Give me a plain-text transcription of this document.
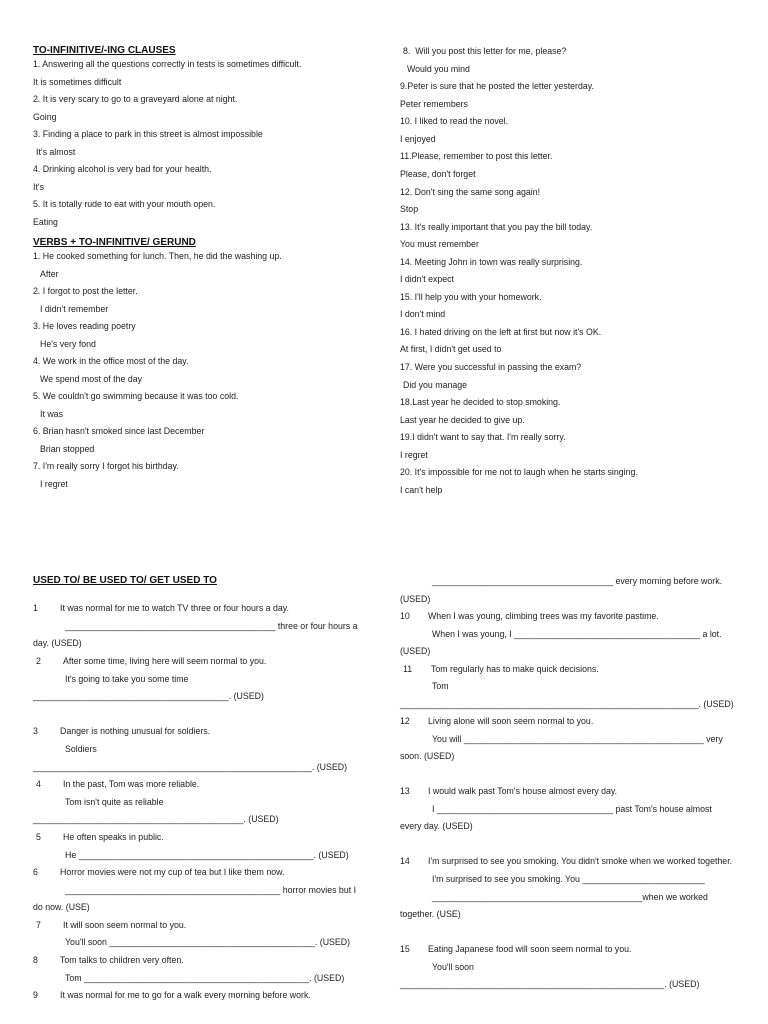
TO-INFINITIVE/-ING CLAUSES
1. Answering all the questions correctly in tests is sometimes difficult.
It is sometimes difficult
2. It is very scary to go to a graveyard alone at night.
Going
3. Finding a place to park in this street is almost impossible
It's almost
4. Drinking alcohol is very bad for your health.
It's
5. It is totally rude to eat with your mouth open.
Eating
VERBS + TO-INFINITIVE/ GERUND
1. He cooked something for lunch. Then, he did the washing up.
After
2. I forgot to post the letter.
I didn't remember
3. He loves reading poetry
He's very fond
4. We work in the office most of the day.
We spend most of the day
5. We couldn't go swimming because it was too cold.
It was
6. Brian hasn't smoked since last December
Brian stopped
7. I'm really sorry I forgot his birthday.
I regret
8.  Will you post this letter for me, please?
Would you mind
9.Peter is sure that he posted the letter yesterday.
Peter remembers
10. I liked to read the novel.
I enjoyed
11.Please, remember to post this letter.
Please, don't forget
12. Don't sing the same song again!
Stop
13. It's really important that you pay the bill today.
You must remember
14. Meeting John in town was really surprising.
I didn't expect
15. I'll help you with your homework.
I don't mind
16. I hated driving on the left at first but now it's OK.
At first, I didn't get used to
17. Were you successful in passing the exam?
Did you manage
18.Last year he decided to stop smoking.
Last year he decided to give up.
19.I didn't want to say that. I'm really sorry.
I regret
20. It's impossible for me not to laugh when he starts singing.
I can't help
USED TO/ BE USED TO/ GET USED TO
1	It was normal for me to watch TV three or four hours a day.
___________________________________________ three or four hours a
day. (USED)
2	After some time, living here will seem normal to you.
It's going to take you some time
________________________________________. (USED)
3	Danger is nothing unusual for soldiers.
Soldiers
_________________________________________________________. (USED)
4	In the past, Tom was more reliable.
Tom isn't quite as reliable
___________________________________________. (USED)
5	He often speaks in public.
He ________________________________________________. (USED)
6	Horror movies were not my cup of tea but I like them now.
____________________________________________ horror movies but I
do now. (USE)
7	It will soon seem normal to you.
You'll soon __________________________________________. (USED)
8	Tom talks to children very often.
Tom ______________________________________________. (USED)
9	It was normal for me to go for a walk every morning before work.
_____________________________________ every morning before work.
(USED)
10 When I was young, climbing trees was my favorite pastime.
When I was young, I ______________________________________ a lot.
(USED)
11 Tom regularly has to make quick decisions.
Tom
_____________________________________________________________. (USED)
12 Living alone will soon seem normal to you.
You will _________________________________________________ very
soon. (USED)
13 I would walk past Tom's house almost every day.
I ____________________________________ past Tom's house almost
every day. (USED)
14 I'm surprised to see you smoking. You didn't smoke when we worked together.
I'm surprised to see you smoking. You _________________________
___________________________________________when we worked
together. (USE)
15 Eating Japanese food will soon seem normal to you.
You'll soon
______________________________________________________. (USED)
